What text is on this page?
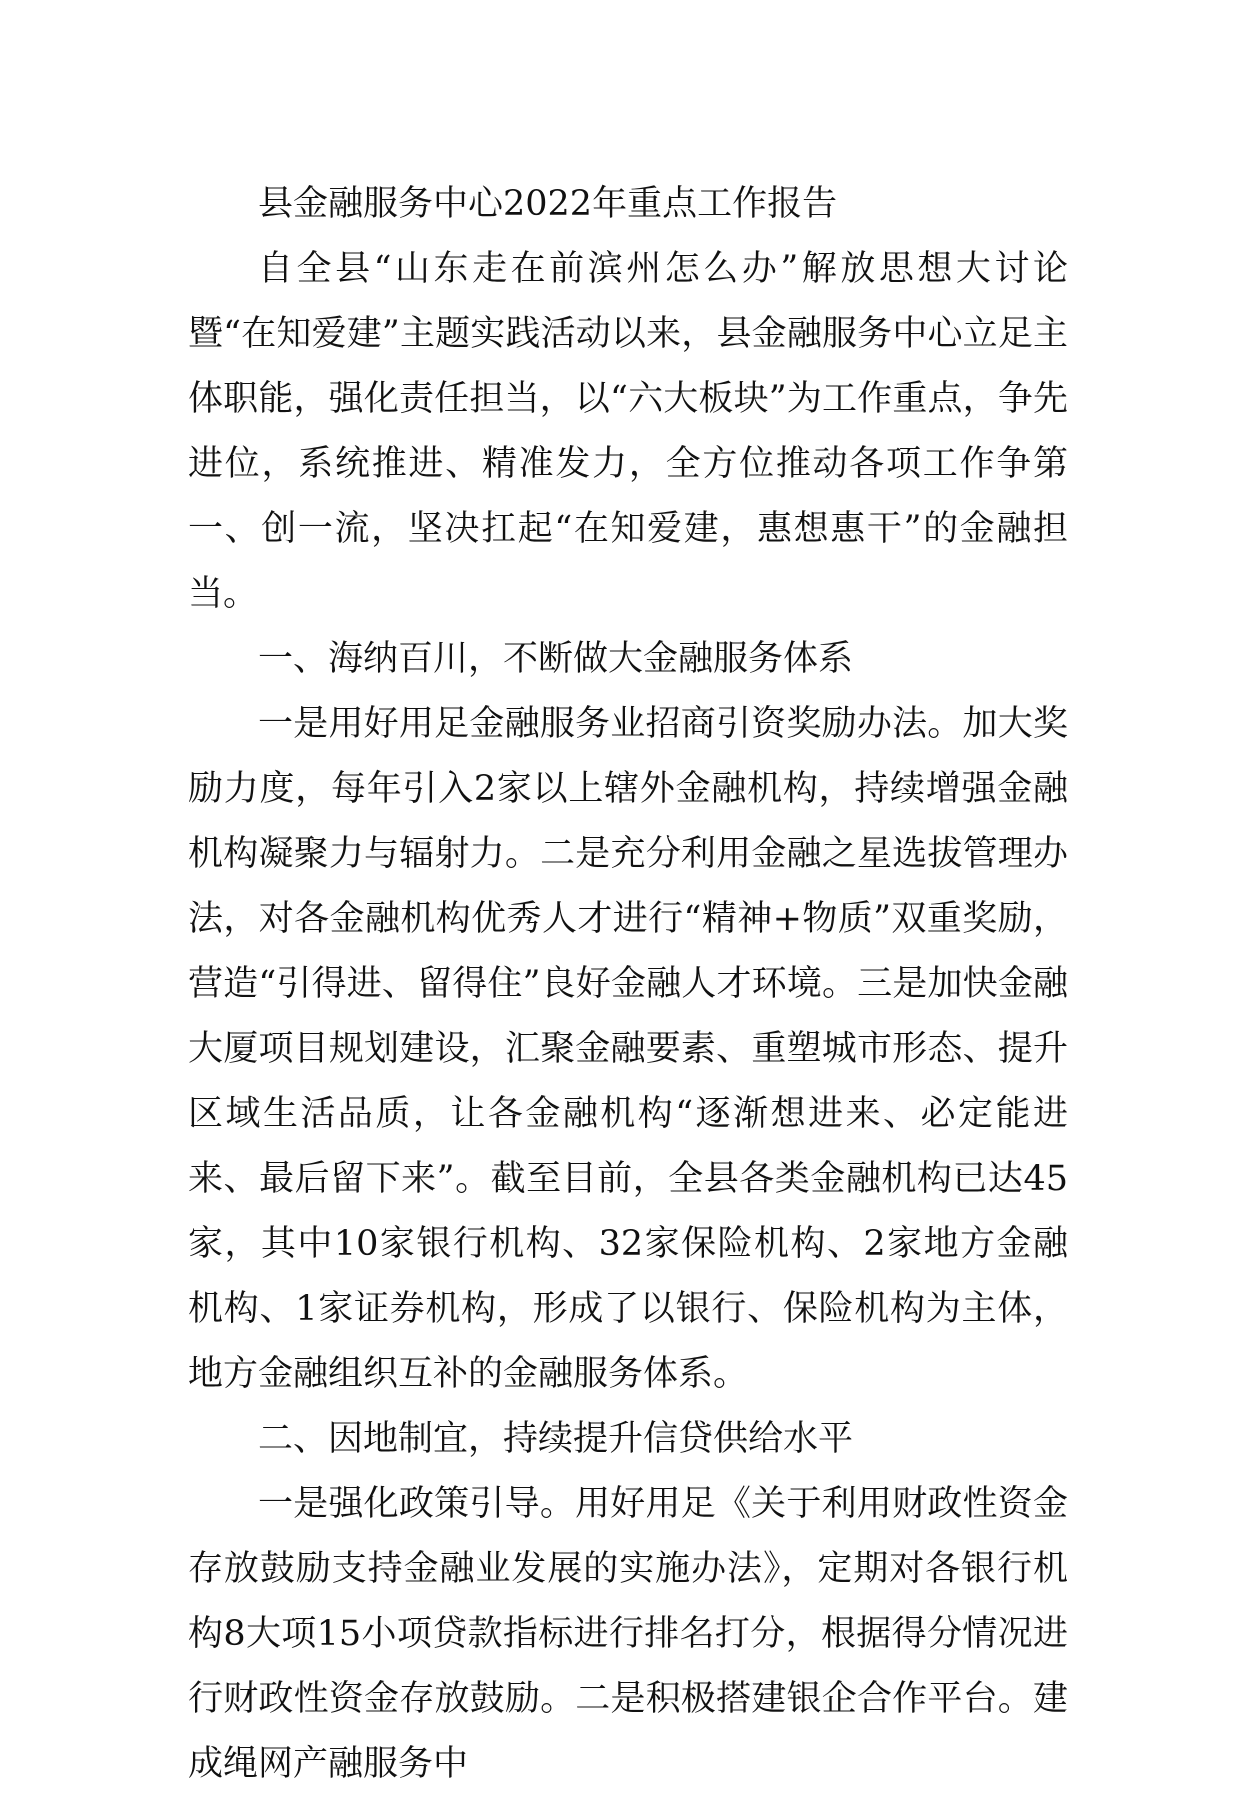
县金融服务中心2022年重点工作报告

自全县“山东走在前滨州怎么办”解放思想大讨论暨“在知爱建”主题实践活动以来，县金融服务中心立足主体职能，强化责任担当，以“六大板块”为工作重点，争先进位，系统推进、精准发力，全方位推动各项工作争第一、创一流，坚决扛起“在知爱建，惠想惠干”的金融担当。

一、海纳百川，不断做大金融服务体系

一是用好用足金融服务业招商引资奖励办法。加大奖励力度，每年引入2家以上辖外金融机构，持续增强金融机构凝聚力与辐射力。二是充分利用金融之星选拔管理办法，对各金融机构优秀人才进行“精神+物质”双重奖励，营造“引得进、留得住”良好金融人才环境。三是加快金融大厦项目规划建设，汇聚金融要素、重塑城市形态、提升区域生活品质，让各金融机构“逐渐想进来、必定能进来、最后留下来”。截至目前，全县各类金融机构已达45家，其中10家银行机构、32家保险机构、2家地方金融机构、1家证券机构，形成了以银行、保险机构为主体，地方金融组织互补的金融服务体系。

二、因地制宜，持续提升信贷供给水平

一是强化政策引导。用好用足《关于利用财政性资金存放鼓励支持金融业发展的实施办法》，定期对各银行机构8大项15小项贷款指标进行排名打分，根据得分情况进行财政性资金存放鼓励。二是积极搭建银企合作平台。建成绳网产融服务中
